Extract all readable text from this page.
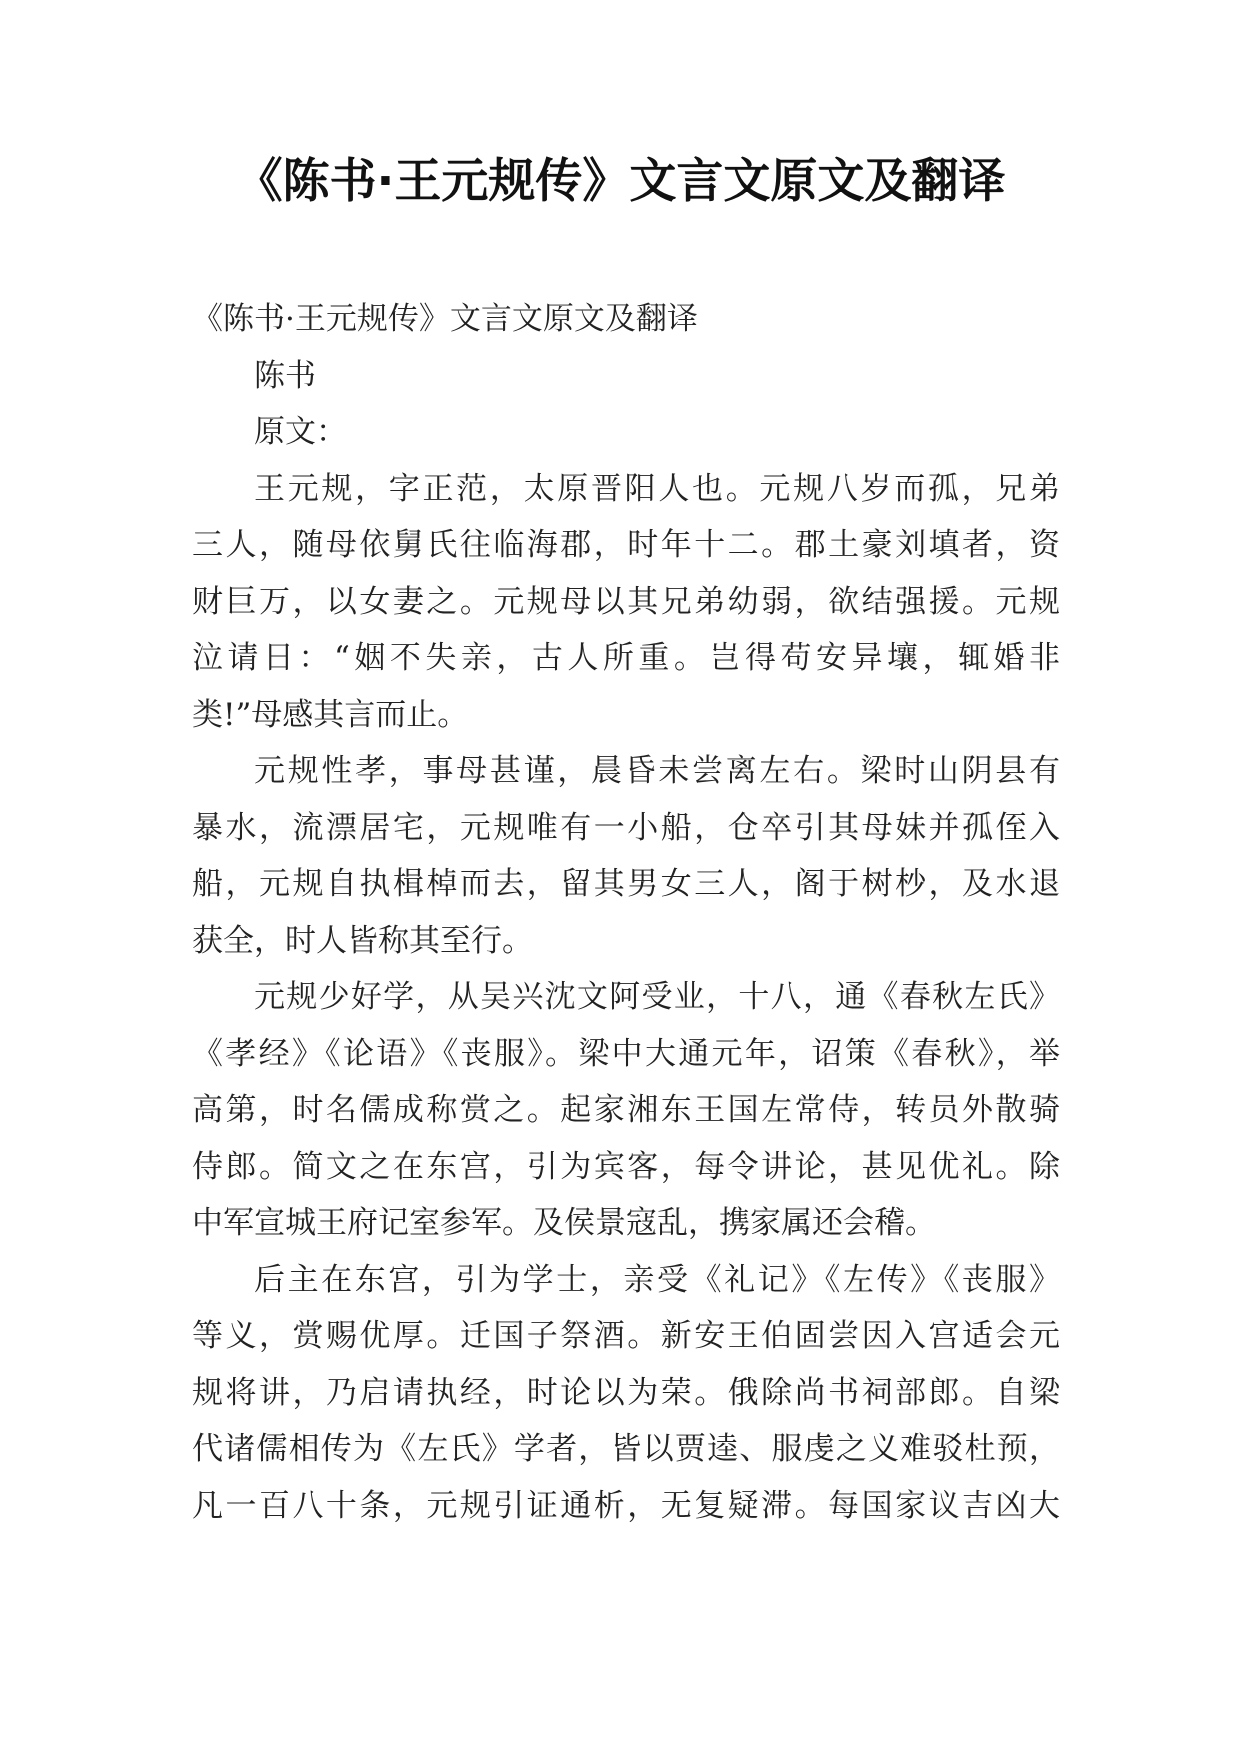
《陈书·王元规传》文言文原文及翻译
《陈书·王元规传》文言文原文及翻译
陈书
原文：
王元规，字正范，太原晋阳人也。元规八岁而孤，兄弟
三人，随母依舅氏往临海郡，时年十二。郡土豪刘填者，资
财巨万，以女妻之。元规母以其兄弟幼弱，欲结强援。元规
泣请日：“姻不失亲，古人所重。岂得苟安异壤，辄婚非
类!”母感其言而止。
元规性孝，事母甚谨，晨昏未尝离左右。梁时山阴县有
暴水，流漂居宅，元规唯有一小船，仓卒引其母妹并孤侄入
船，元规自执楫棹而去，留其男女三人，阁于树杪，及水退
获全，时人皆称其至行。
元规少好学，从吴兴沈文阿受业，十八，通《春秋左氏》
《孝经》《论语》《丧服》。梁中大通元年，诏策《春秋》，举
高第，时名儒成称赏之。起家湘东王国左常侍，转员外散骑
侍郎。简文之在东宫，引为宾客，每令讲论，甚见优礼。除
中军宣城王府记室参军。及侯景寇乱，携家属还会稽。
后主在东宫，引为学士，亲受《礼记》《左传》《丧服》
等义，赏赐优厚。迁国子祭酒。新安王伯固尝因入宫适会元
规将讲，乃启请执经，时论以为荣。俄除尚书祠部郎。自梁
代诸儒相传为《左氏》学者，皆以贾逵、服虔之义难驳杜预，
凡一百八十条，元规引证通析，无复疑滞。每国家议吉凶大
